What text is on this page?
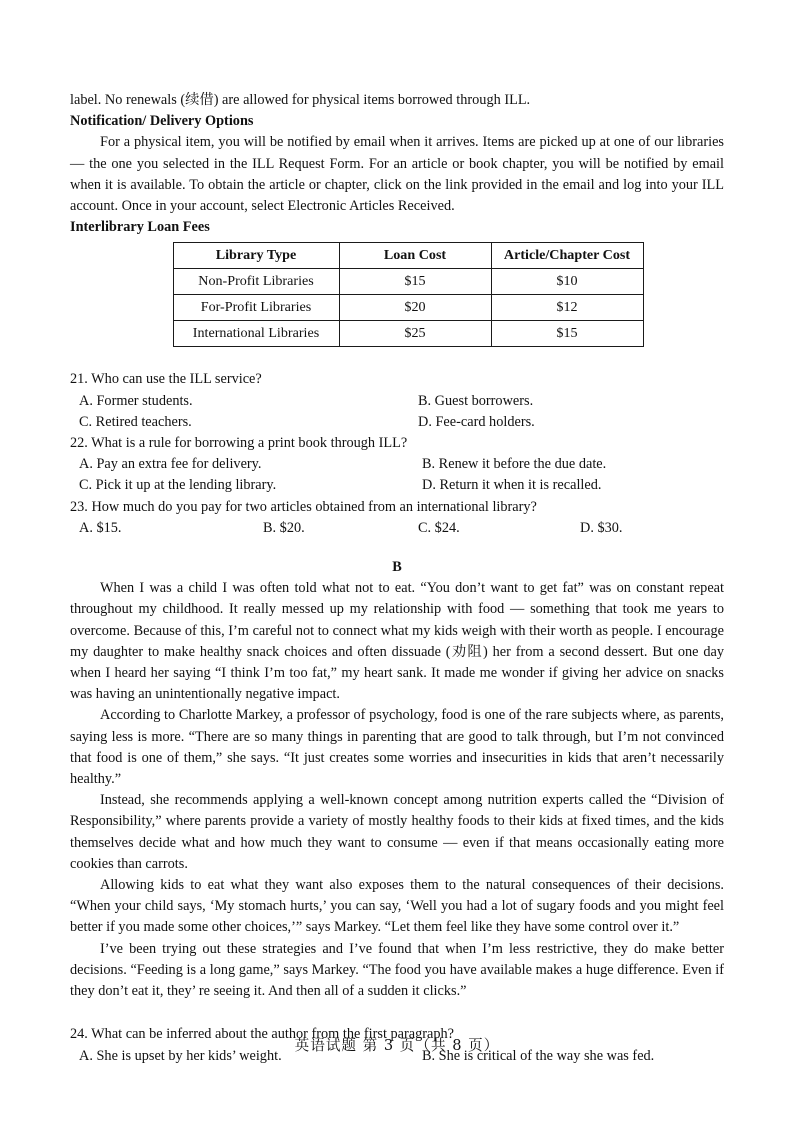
label. No renewals (续借) are allowed for physical items borrowed through ILL.

Notification/ Delivery Options

For a physical item, you will be notified by email when it arrives. Items are picked up at one of our libraries — the one you selected in the ILL Request Form. For an article or book chapter, you will be notified by email when it is available. To obtain the article or chapter, click on the link provided in the email and log into your ILL account. Once in your account, select Electronic Articles Received.

Interlibrary Loan Fees

Library Type	Loan Cost	Article/Chapter Cost
Non-Profit Libraries	$15	$10
For-Profit Libraries	$20	$12
International Libraries	$25	$15

21. Who can use the ILL service?

A. Former students.	B. Guest borrowers.
C. Retired teachers.	D. Fee-card holders.

22. What is a rule for borrowing a print book through ILL?

A. Pay an extra fee for delivery.	B. Renew it before the due date.
C. Pick it up at the lending library.	D. Return it when it is recalled.

23. How much do you pay for two articles obtained from an international library?

A. $15.	B. $20.	C. $24.	D. $30.

B

When I was a child I was often told what not to eat. “You don’t want to get fat” was on constant repeat throughout my childhood. It really messed up my relationship with food — something that took me years to overcome. Because of this, I’m careful not to connect what my kids weigh with their worth as people. I encourage my daughter to make healthy snack choices and often dissuade (劝阻) her from a second dessert. But one day when I heard her saying “I think I’m too fat,” my heart sank. It made me wonder if giving her advice on snacks was having an unintentionally negative impact.

According to Charlotte Markey, a professor of psychology, food is one of the rare subjects where, as parents, saying less is more. “There are so many things in parenting that are good to talk through, but I’m not convinced that food is one of them,” she says. “It just creates some worries and insecurities in kids that aren’t necessarily healthy.”

Instead, she recommends applying a well-known concept among nutrition experts called the “Division of Responsibility,” where parents provide a variety of mostly healthy foods to their kids at fixed times, and the kids themselves decide what and how much they want to consume — even if that means occasionally eating more cookies than carrots.

Allowing kids to eat what they want also exposes them to the natural consequences of their decisions. “When your child says, ‘My stomach hurts,’ you can say, ‘Well you had a lot of sugary foods and you might feel better if you made some other choices,’” says Markey. “Let them feel like they have some control over it.”

I’ve been trying out these strategies and I’ve found that when I’m less restrictive, they do make better decisions. “Feeding is a long game,” says Markey. “The food you have available makes a huge difference. Even if they don’t eat it, they’ re seeing it. And then all of a sudden it clicks.”

24. What can be inferred about the author from the first paragraph?

A. She is upset by her kids’ weight.	B. She is critical of the way she was fed.
英语试题 第 3 页（共 8 页）
